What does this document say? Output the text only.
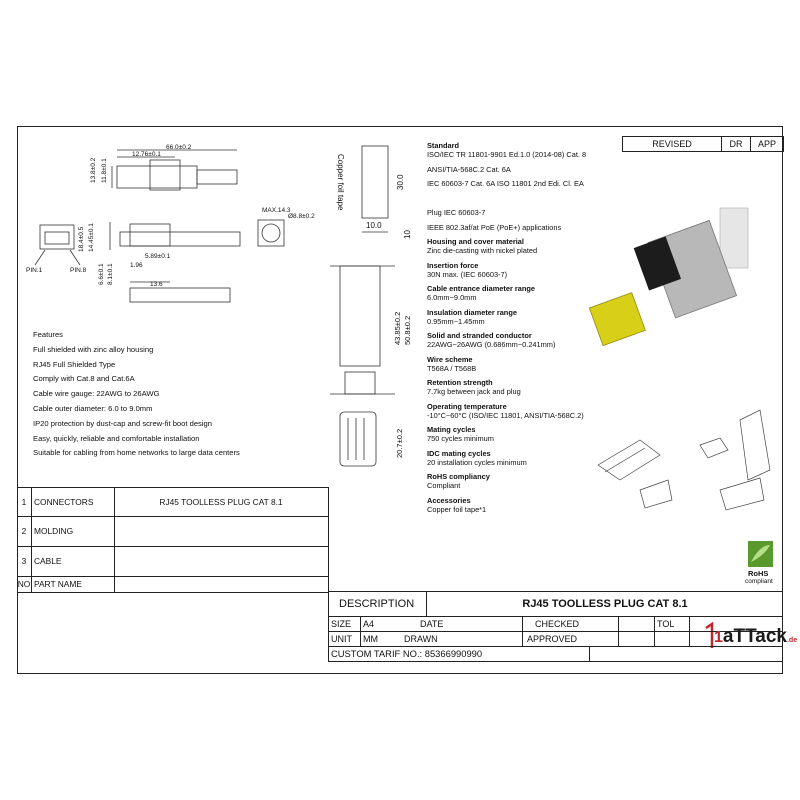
66.0±0.2
12.76±0.1
13.8±0.2 11.8±0.1
MAX.14.3
Ø8.8±0.2
18.4±0.5 14.45±0.1
5.89±0.1
1.96
6.6±0.1 8.1±0.1	13.6
PIN.1	PIN.8
Copper foil tape	30.0
10.0
10
50.8±0.2
43.85±0.2
20.7±0.2
REVISED	DR	APP
Standard
ISO/IEC TR 11801-9901 Ed.1.0 (2014-08) Cat. 8
ANSI/TIA-568C.2 Cat. 6A
IEC 60603-7 Cat. 6A ISO 11801 2nd Edi. Cl. EA
Plug IEC 60603-7
IEEE 802.3af/at PoE (PoE+) applications
Housing and cover material
Zinc die-casting with nickel plated
Insertion force
30N max. (IEC 60603-7)
Cable entrance diameter range
6.0mm~9.0mm
Insulation diameter range
0.95mm~1.45mm
Solid and stranded conductor
22AWG~26AWG (0.686mm~0.241mm)
Wire scheme
T568A / T568B
Retention strength
7.7kg between jack and plug
Operating temperature
-10°C~60°C (ISO/IEC 11801, ANSI/TIA-568C.2)
Mating cycles
750 cycles minimum
IDC mating cycles
20 installation cycles minimum
RoHS compliancy
Compliant
Accessories
Copper foil tape*1
Features
Full shielded with zinc alloy housing
RJ45 Full Shielded Type
Comply with Cat.8 and Cat.6A
Cable wire gauge: 22AWG to 26AWG
Cable outer diameter: 6.0 to 9.0mm
IP20 protection by dust-cap and screw-fit boot design
Easy, quickly, reliable and comfortable installation
Suitable for cabling from home networks to large data centers
1 CONNECTORS	RJ45 TOOLLESS PLUG CAT 8.1
2 MOLDING
3 CABLE
NO PART NAME
DESCRIPTION	RJ45 TOOLLESS PLUG CAT 8.1
SIZE	A4	DATE	CHECKED	TOL
UNIT	MM	DRAWN	APPROVED
CUSTOM TARIF NO.: 85366990990
1aTTack.de
RoHS
compliant
